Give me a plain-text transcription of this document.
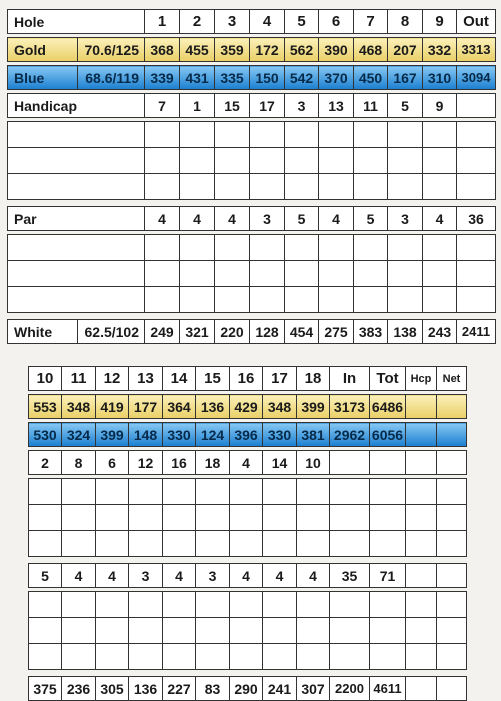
Hole		1	2	3	4	5	6	7	8	9	Out

Gold	70.6/125	368	455	359	172	562	390	468	207	332	3313

Blue	68.6/119	339	431	335	150	542	370	450	167	310	3094

Handicap		7	1	15	17	3	13	11	5	9	

Par		4	4	4	3	5	4	5	3	4	36

White	62.5/102	249	321	220	128	454	275	383	138	243	2411
10	11	12	13	14	15	16	17	18	In	Tot	Hcp	Net

553	348	419	177	364	136	429	348	399	3173	6486		

530	324	399	148	330	124	396	330	381	2962	6056		

2	8	6	12	16	18	4	14	10				

5	4	4	3	4	3	4	4	4	35	71		

375	236	305	136	227	83	290	241	307	2200	4611		
